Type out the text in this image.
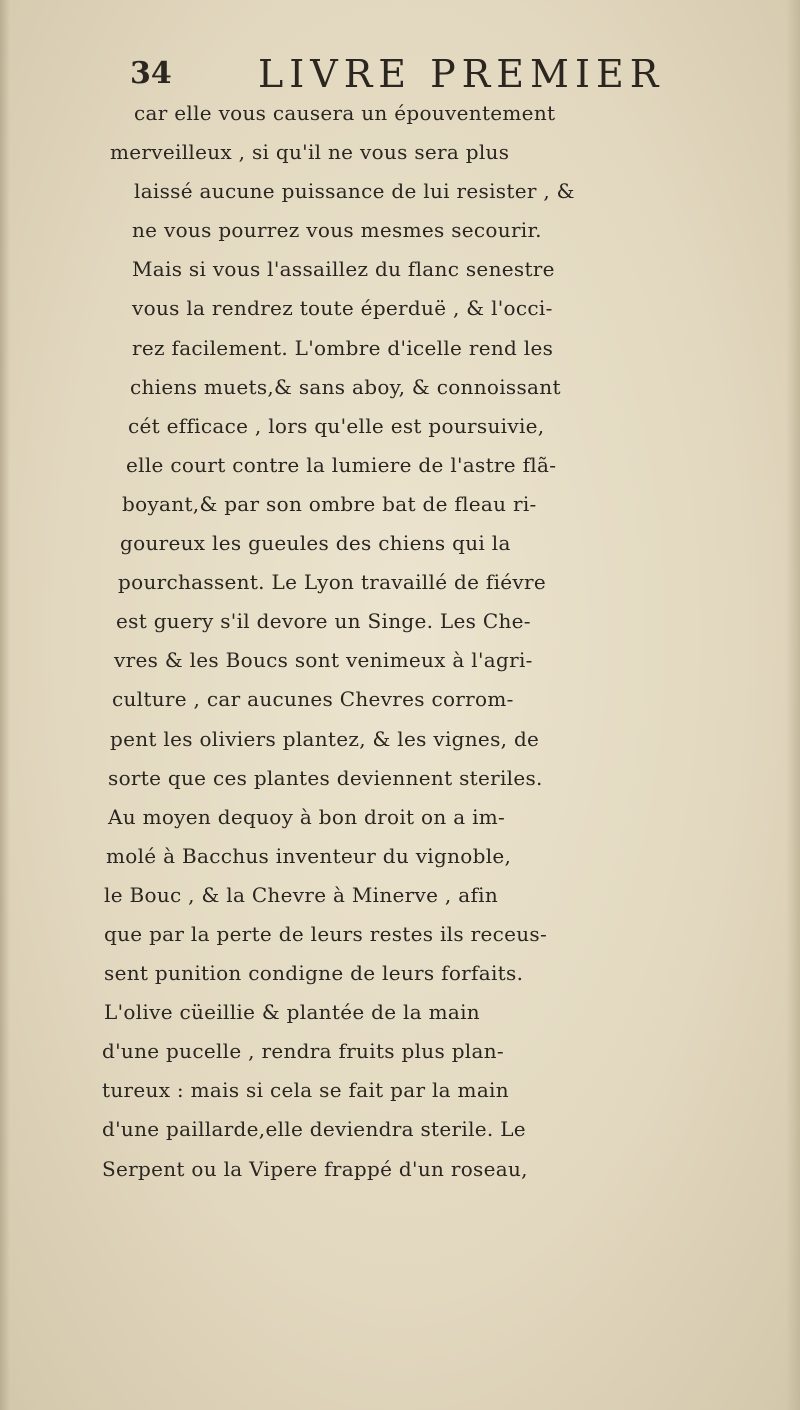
34 LIVRE PREMIER
car elle vous causera un épouventement
merveilleux , si qu'il ne vous sera plus
laissé aucune puissance de lui resister , &
ne vous pourrez vous mesmes secourir.
Mais si vous l'assaillez du flanc senestre
vous la rendrez toute éperduë , & l'occi-
rez facilement. L'ombre d'icelle rend les
chiens muets,& sans aboy, & connoissant
cét efficace , lors qu'elle est poursuivie,
elle court contre la lumiere de l'astre flã-
boyant,& par son ombre bat de fleau ri-
goureux les gueules des chiens qui la
pourchassent. Le Lyon travaillé de fiévre
est guery s'il devore un Singe. Les Che-
vres & les Boucs sont venimeux à l'agri-
culture , car aucunes Chevres corrom-
pent les oliviers plantez, & les vignes, de
sorte que ces plantes deviennent steriles.
Au moyen dequoy à bon droit on a im-
molé à Bacchus inventeur du vignoble,
le Bouc , & la Chevre à Minerve , afin
que par la perte de leurs restes ils receus-
sent punition condigne de leurs forfaits.
L'olive cüeillie & plantée de la main
d'une pucelle , rendra fruits plus plan-
tureux : mais si cela se fait par la main
d'une paillarde,elle deviendra sterile. Le
Serpent ou la Vipere frappé d'un roseau,
